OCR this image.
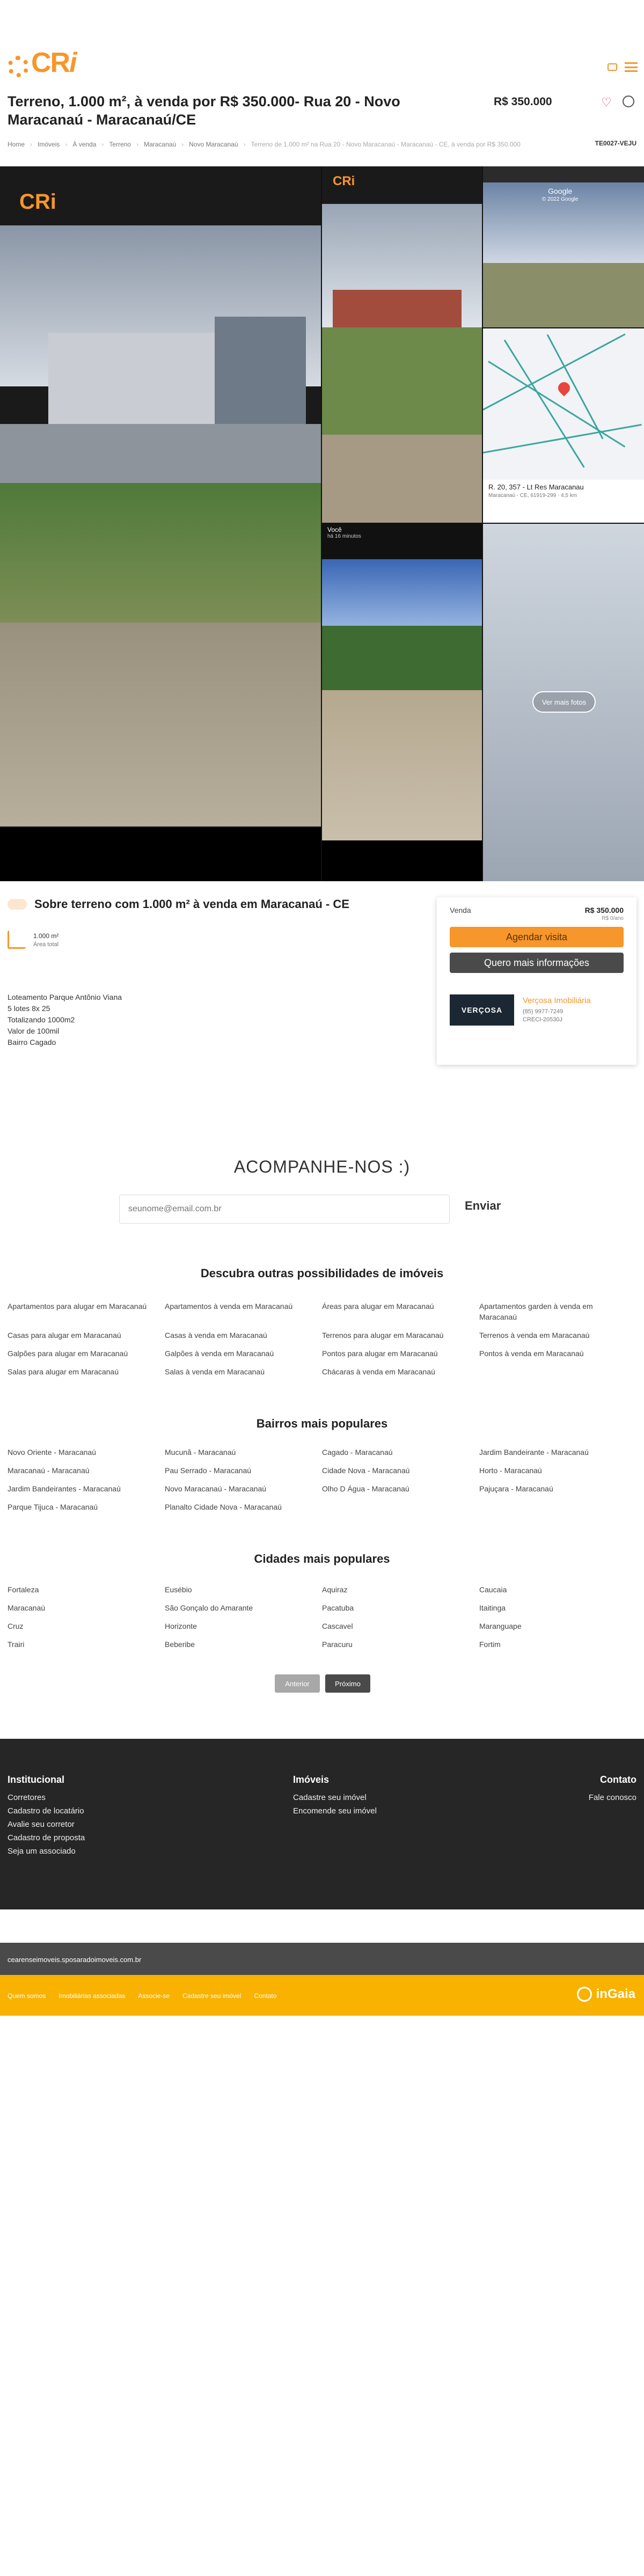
CR i
Terreno, 1.000 m², à venda por R$ 350.000- Rua 20 - Novo Maracanaú - Maracanaú/CE
R$ 350.000	♡
Home › Imóveis › À venda › Terreno › Maracanaú › Novo Maracanaú › Terreno de 1.000 m² na Rua 20 - Novo Maracanaú - Maracanaú - CE, à venda por R$ 350.000	TE0027-VEJU
CRi
CRi
Google
© 2022 Google
R. 20, 357 - Lt Res Maracanau
Maracanaú - CE, 61919-299 · 4,5 km
Você
há 16 minutos
Ver mais fotos
Sobre terreno com 1.000 m² à venda em Maracanaú - CE
1.000 m²
Área total
Loteamento Parque Antônio Viana
5 lotes 8x 25
Totalizando 1000m2
Valor de 100mil
Bairro Cagado
Venda	R$ 350.000
R$ 0/ano
Agendar visita
Quero mais informações
VERÇOSA
Verçosa Imobiliária
(85) 9977-7249
CRECI-20530J
ACOMPANHE-NOS :)
seunome@email.com.br
Enviar
Descubra outras possibilidades de imóveis
Apartamentos para alugar em Maracanaú	Apartamentos à venda em Maracanaú	Áreas para alugar em Maracanaú	Apartamentos garden à venda em Maracanaú
Casas para alugar em Maracanaú	Casas à venda em Maracanaú	Terrenos para alugar em Maracanaú	Terrenos à venda em Maracanaú
Galpões para alugar em Maracanaú	Galpões à venda em Maracanaú	Pontos para alugar em Maracanaú	Pontos à venda em Maracanaú
Salas para alugar em Maracanaú	Salas à venda em Maracanaú	Chácaras à venda em Maracanaú
Bairros mais populares
Novo Oriente - Maracanaú	Mucunã - Maracanaú	Cagado - Maracanaú	Jardim Bandeirante - Maracanaú
Maracanaú - Maracanaú	Pau Serrado - Maracanaú	Cidade Nova - Maracanaú	Horto - Maracanaú
Jardim Bandeirantes - Maracanaú	Novo Maracanaú - Maracanaú	Olho D Água - Maracanaú	Pajuçara - Maracanaú
Parque Tijuca - Maracanaú	Planalto Cidade Nova - Maracanaú
Cidades mais populares
Fortaleza	Eusébio	Aquiraz	Caucaia
Maracanaú	São Gonçalo do Amarante	Pacatuba	Itaitinga
Cruz	Horizonte	Cascavel	Maranguape
Trairi	Beberibe	Paracuru	Fortim
Anterior	Próximo
Institucional
Corretores
Cadastro de locatário
Avalie seu corretor
Cadastro de proposta
Seja um associado
Imóveis
Cadastre seu imóvel
Encomende seu imóvel
Contato
Fale conosco
cearenseimoveis.sposaradoimoveis.com.br
Quem somos Imobiliárias associadas Associe-se Cadastre seu imóvel Contato	inGaia
